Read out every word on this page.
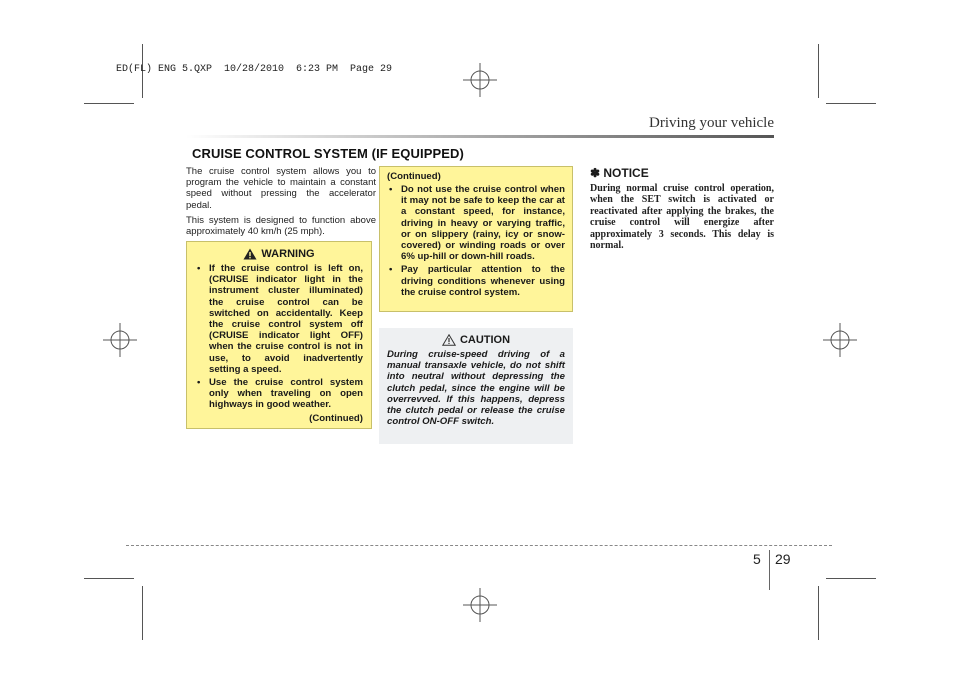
ED(FL) ENG 5.QXP  10/28/2010  6:23 PM  Page 29
Driving your vehicle
CRUISE CONTROL SYSTEM (IF EQUIPPED)

The cruise control system allows you to program the vehicle to maintain a constant speed without pressing the accelerator pedal.

This system is designed to function above approximately 40 km/h (25 mph).

WARNING
• If the cruise control is left on, (CRUISE indicator light in the instrument cluster illuminated) the cruise control can be switched on accidentally. Keep the cruise control system off (CRUISE indicator light OFF) when the cruise control is not in use, to avoid inadvertently setting a speed.
• Use the cruise control system only when traveling on open highways in good weather.
(Continued)
(Continued)
• Do not use the cruise control when it may not be safe to keep the car at a constant speed, for instance, driving in heavy or varying traffic, or on slippery (rainy, icy or snow-covered) or winding roads or over 6% up-hill or down-hill roads.
• Pay particular attention to the driving conditions whenever using the cruise control system.
CAUTION

During cruise-speed driving of a manual transaxle vehicle, do not shift into neutral without depressing the clutch pedal, since the engine will be overrevved. If this happens, depress the clutch pedal or release the cruise control ON-OFF switch.

✽ NOTICE
During normal cruise control operation, when the SET switch is activated or reactivated after applying the brakes, the cruise control will energize after approximately 3 seconds. This delay is normal.
5 29
